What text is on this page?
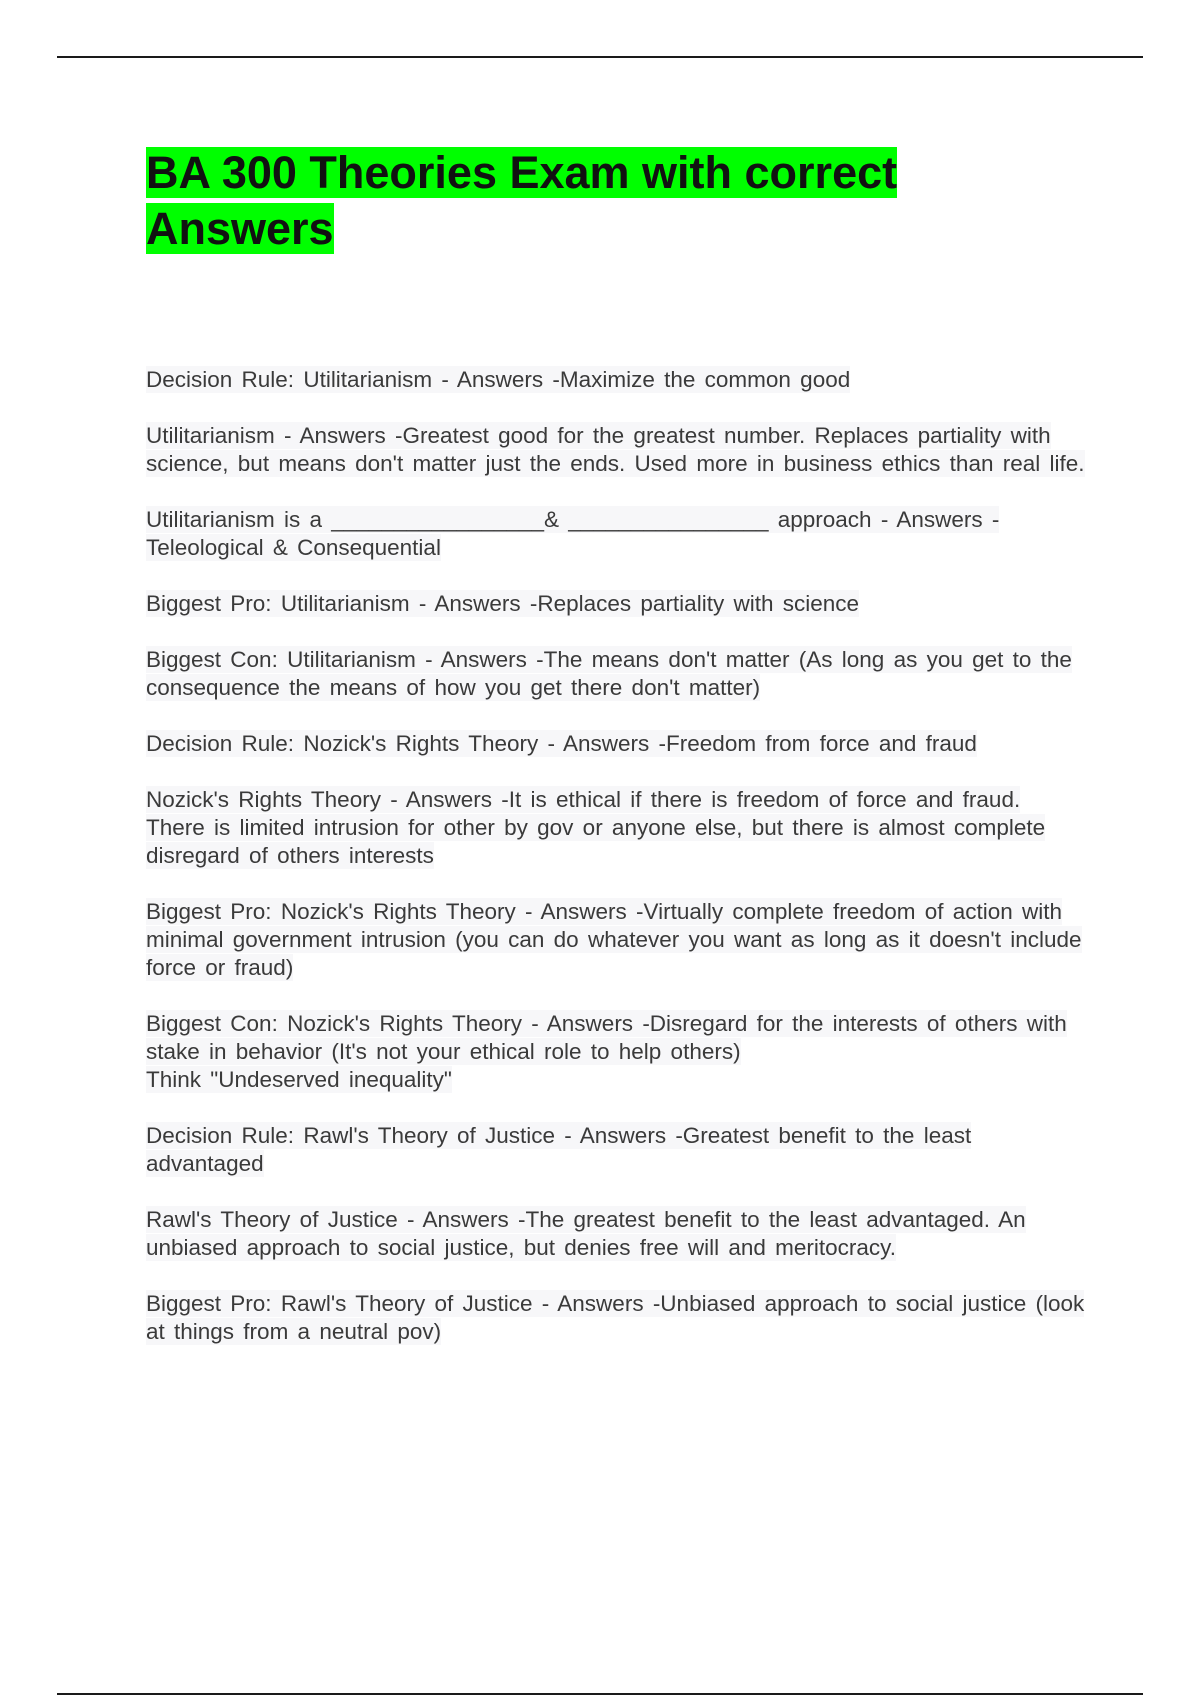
BA 300 Theories Exam with correct Answers

Decision Rule: Utilitarianism - Answers -Maximize the common good

Utilitarianism - Answers -Greatest good for the greatest number. Replaces partiality with science, but means don't matter just the ends. Used more in business ethics than real life.

Utilitarianism is a _________________& ________________ approach - Answers - Teleological & Consequential

Biggest Pro: Utilitarianism - Answers -Replaces partiality with science

Biggest Con: Utilitarianism - Answers -The means don't matter (As long as you get to the consequence the means of how you get there don't matter)

Decision Rule: Nozick's Rights Theory - Answers -Freedom from force and fraud

Nozick's Rights Theory - Answers -It is ethical if there is freedom of force and fraud. There is limited intrusion for other by gov or anyone else, but there is almost complete disregard of others interests

Biggest Pro: Nozick's Rights Theory - Answers -Virtually complete freedom of action with minimal government intrusion (you can do whatever you want as long as it doesn't include force or fraud)

Biggest Con: Nozick's Rights Theory - Answers -Disregard for the interests of others with stake in behavior (It's not your ethical role to help others)
Think "Undeserved inequality"

Decision Rule: Rawl's Theory of Justice - Answers -Greatest benefit to the least advantaged

Rawl's Theory of Justice - Answers -The greatest benefit to the least advantaged. An unbiased approach to social justice, but denies free will and meritocracy.

Biggest Pro: Rawl's Theory of Justice - Answers -Unbiased approach to social justice (look at things from a neutral pov)
